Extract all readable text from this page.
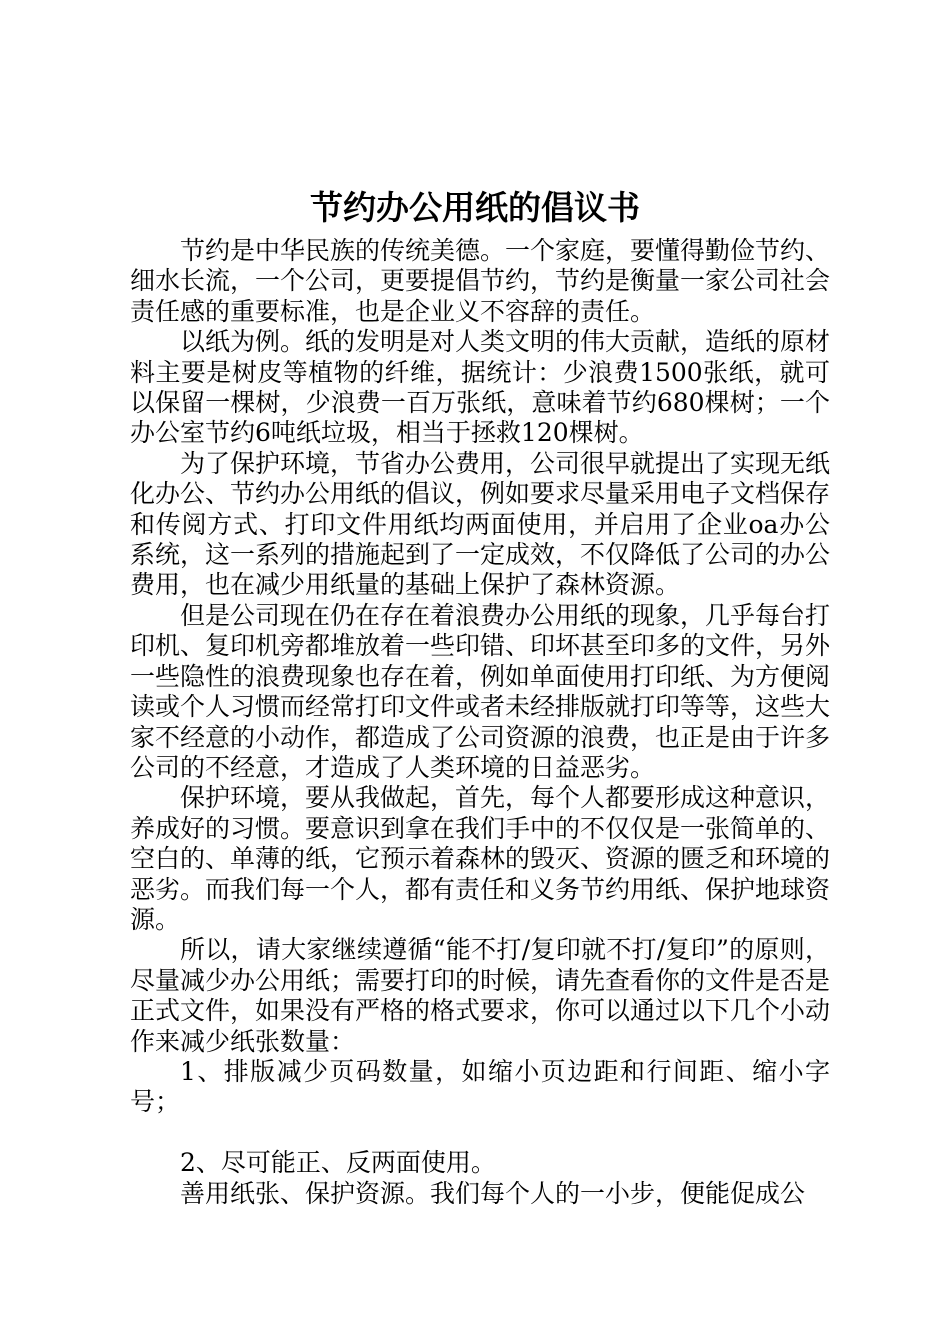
节约办公用纸的倡议书

节约是中华民族的传统美德。一个家庭，要懂得勤俭节约、细水长流，一个公司，更要提倡节约，节约是衡量一家公司社会责任感的重要标准，也是企业义不容辞的责任。

以纸为例。纸的发明是对人类文明的伟大贡献，造纸的原材料主要是树皮等植物的纤维，据统计：少浪费1500张纸，就可以保留一棵树，少浪费一百万张纸，意味着节约680棵树；一个办公室节约6吨纸垃圾，相当于拯救120棵树。

为了保护环境，节省办公费用，公司很早就提出了实现无纸化办公、节约办公用纸的倡议，例如要求尽量采用电子文档保存和传阅方式、打印文件用纸均两面使用，并启用了企业oa办公系统，这一系列的措施起到了一定成效，不仅降低了公司的办公费用，也在减少用纸量的基础上保护了森林资源。

但是公司现在仍在存在着浪费办公用纸的现象，几乎每台打印机、复印机旁都堆放着一些印错、印坏甚至印多的文件，另外一些隐性的浪费现象也存在着，例如单面使用打印纸、为方便阅读或个人习惯而经常打印文件或者未经排版就打印等等，这些大家不经意的小动作，都造成了公司资源的浪费，也正是由于许多公司的不经意，才造成了人类环境的日益恶劣。

保护环境，要从我做起，首先，每个人都要形成这种意识，养成好的习惯。要意识到拿在我们手中的不仅仅是一张简单的、空白的、单薄的纸，它预示着森林的毁灭、资源的匮乏和环境的恶劣。而我们每一个人，都有责任和义务节约用纸、保护地球资源。

所以，请大家继续遵循“能不打/复印就不打/复印”的原则，尽量减少办公用纸；需要打印的时候，请先查看你的文件是否是正式文件，如果没有严格的格式要求，你可以通过以下几个小动作来减少纸张数量：

1、排版减少页码数量，如缩小页边距和行间距、缩小字号；

2、尽可能正、反两面使用。

善用纸张、保护资源。我们每个人的一小步，便能促成公
